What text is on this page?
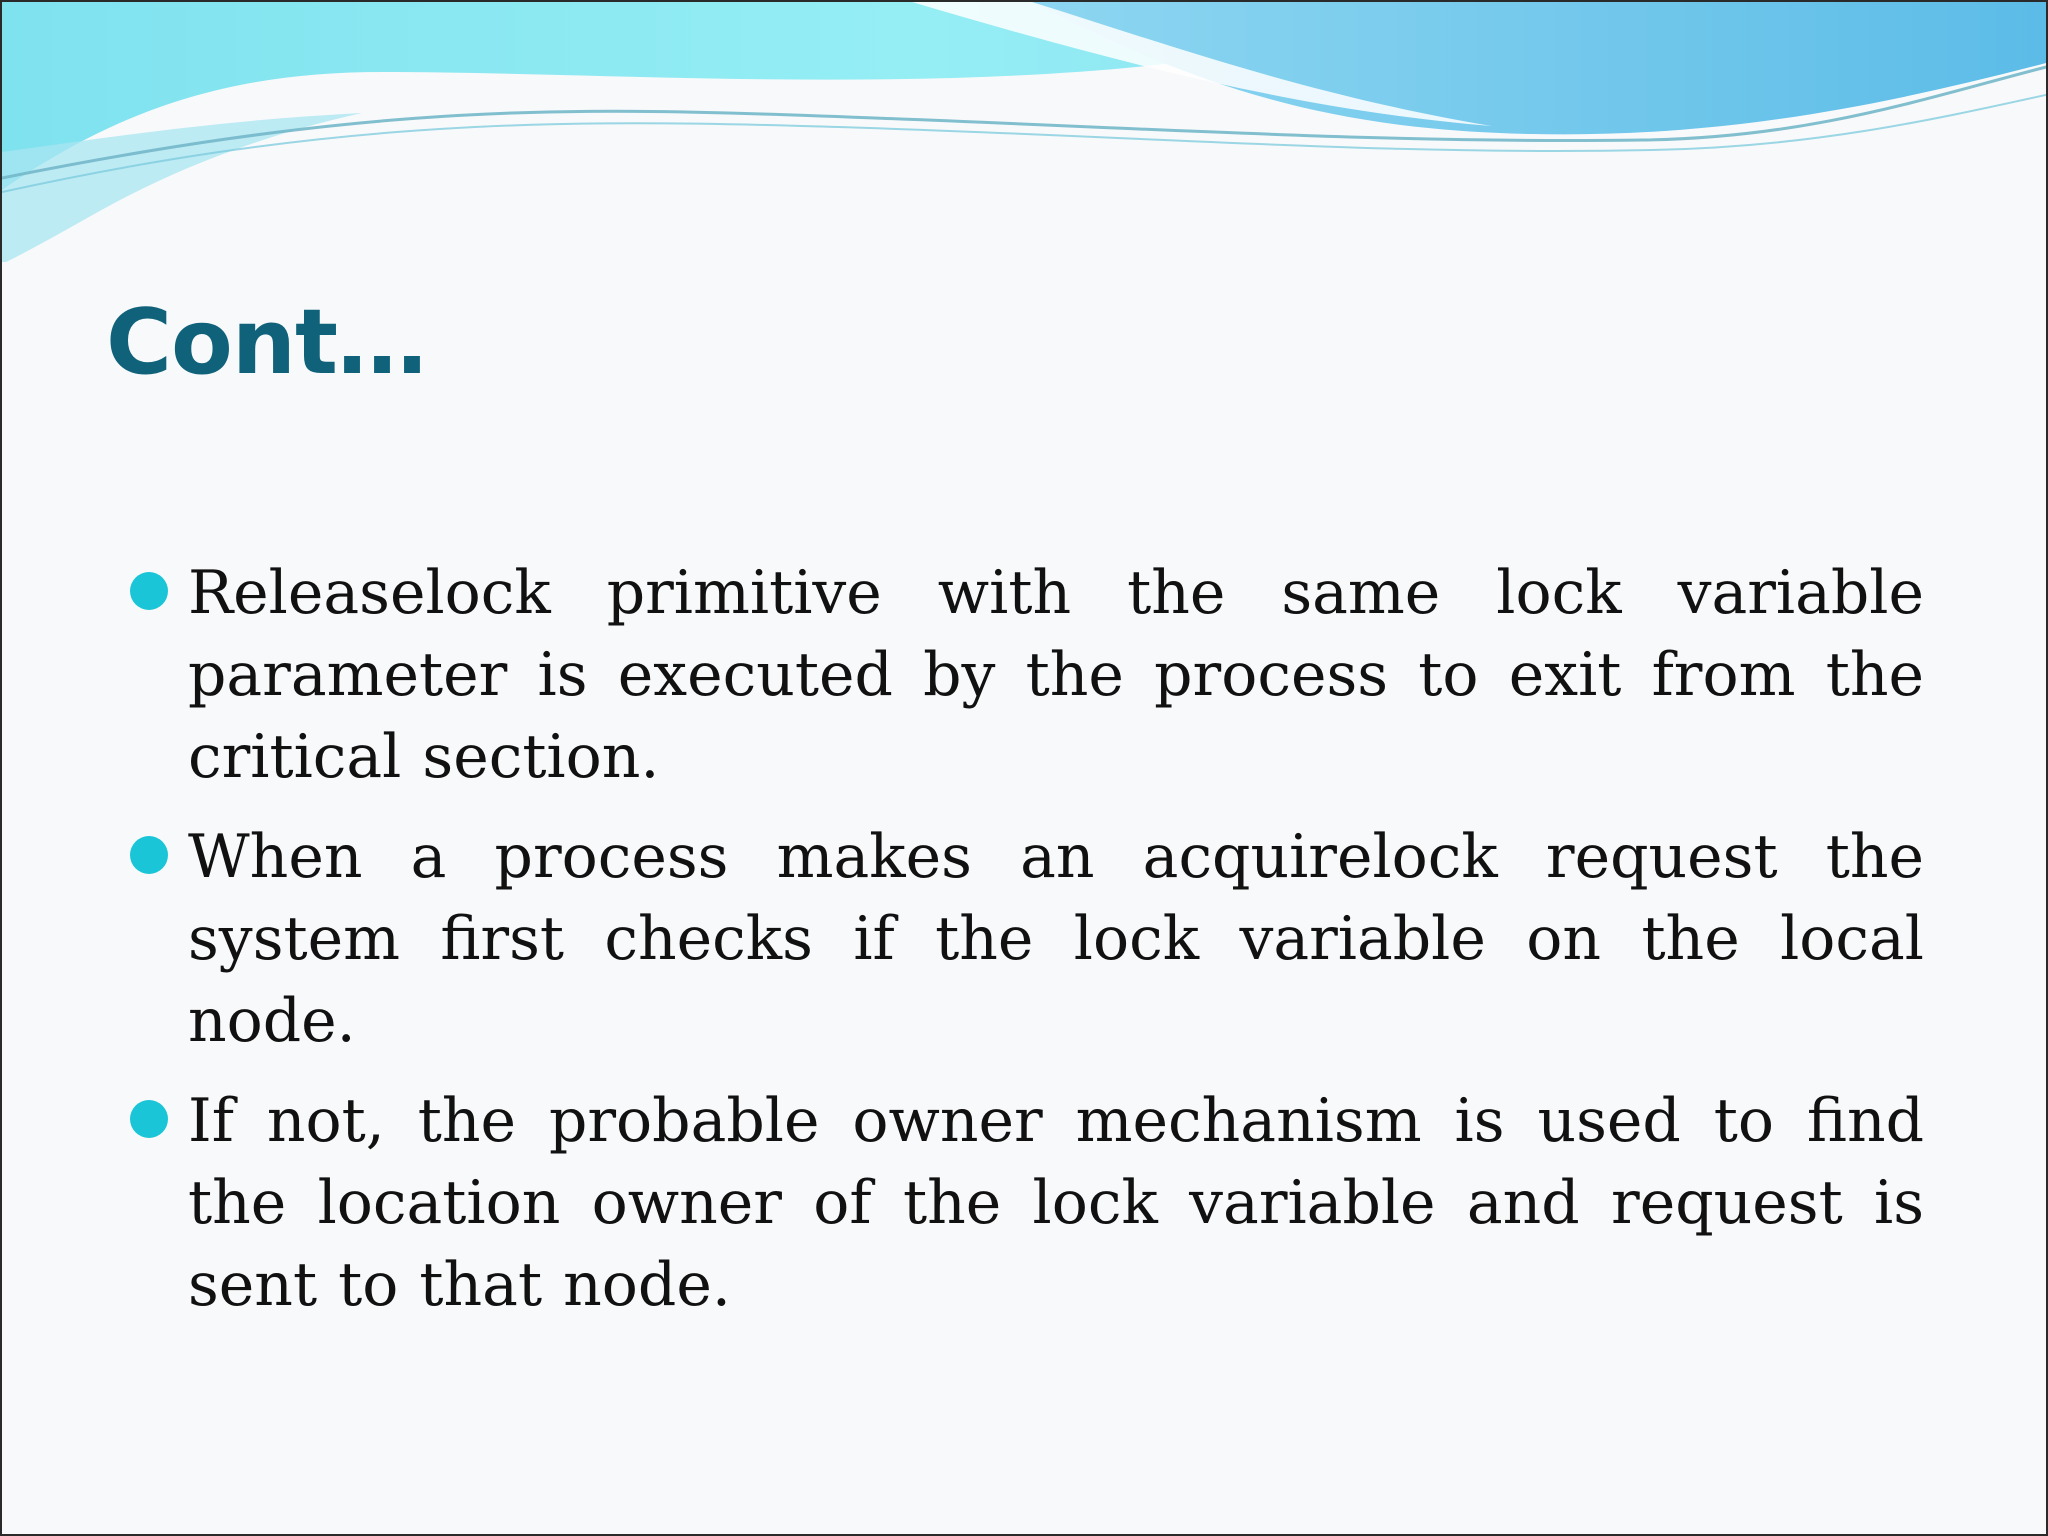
Cont…
Releaselock primitive with the same lock variable parameter is executed by the process to exit from the critical section.
When a process makes an acquirelock request the system first checks if the lock variable on the local node.
If not, the probable owner mechanism is used to find the location owner of the lock variable and request is sent to that node.
